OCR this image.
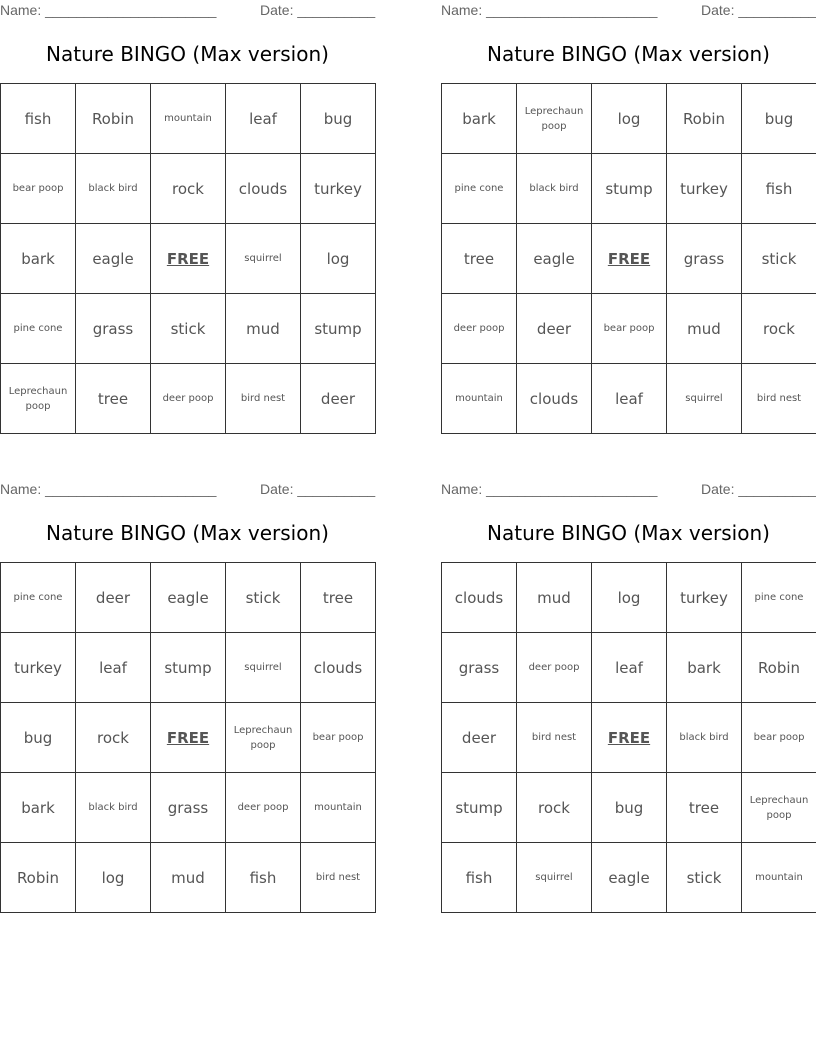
Name: ______________________	Date: __________
Nature BINGO (Max version)
fish	Robin	mountain	leaf	bug
bear poop	black bird	rock	clouds	turkey
bark	eagle	FREE	squirrel	log
pine cone	grass	stick	mud	stump
Leprechaun poop	tree	deer poop	bird nest	deer
Name: ______________________	Date: __________
Nature BINGO (Max version)
bark	Leprechaun poop	log	Robin	bug
pine cone	black bird	stump	turkey	fish
tree	eagle	FREE	grass	stick
deer poop	deer	bear poop	mud	rock
mountain	clouds	leaf	squirrel	bird nest
Name: ______________________	Date: __________
Nature BINGO (Max version)
pine cone	deer	eagle	stick	tree
turkey	leaf	stump	squirrel	clouds
bug	rock	FREE	Leprechaun poop	bear poop
bark	black bird	grass	deer poop	mountain
Robin	log	mud	fish	bird nest
Name: ______________________	Date: __________
Nature BINGO (Max version)
clouds	mud	log	turkey	pine cone
grass	deer poop	leaf	bark	Robin
deer	bird nest	FREE	black bird	bear poop
stump	rock	bug	tree	Leprechaun poop
fish	squirrel	eagle	stick	mountain
